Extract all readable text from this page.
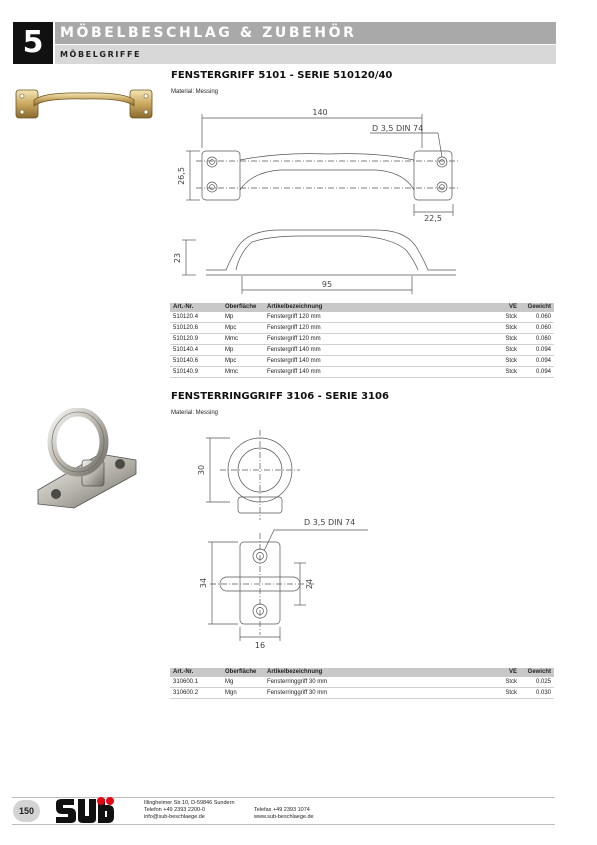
5	MÖBELBESCHLAG & ZUBEHÖR
MÖBELGRIFFE
FENSTERGRIFF 5101 - SERIE 510120/40
Material: Messing
140
D 3,5 DIN 74
26,5
22,5
23
95
Art.-Nr.	Oberfläche	Artikelbezeichnung	VE	Gewicht
510120.4	Mp	Fenstergriff 120 mm	Stck	0.060
510120.6	Mpc	Fenstergriff 120 mm	Stck	0.060
510120.9	Mmc	Fenstergriff 120 mm	Stck	0.060
510140.4	Mp	Fenstergriff 140 mm	Stck	0.094
510140.6	Mpc	Fenstergriff 140 mm	Stck	0.094
510140.9	Mmc	Fenstergriff 140 mm	Stck	0.094
FENSTERRINGGRIFF 3106 - SERIE 3106
Material: Messing
30
D 3,5 DIN 74
34	24
16
Art.-Nr.	Oberfläche	Artikelbezeichnung	VE	Gewicht
310600.1	Mg	Fensterringgriff 30 mm	Stck	0.025
310600.2	Mgn	Fensterringgriff 30 mm	Stck	0.030
150
Illingheimer Str.10, D-59846 Sundern
Telefon +49 2393 2200-0	Telefax +49 2393 1074
info@sub-beschlaege.de	www.sub-beschlaege.de
